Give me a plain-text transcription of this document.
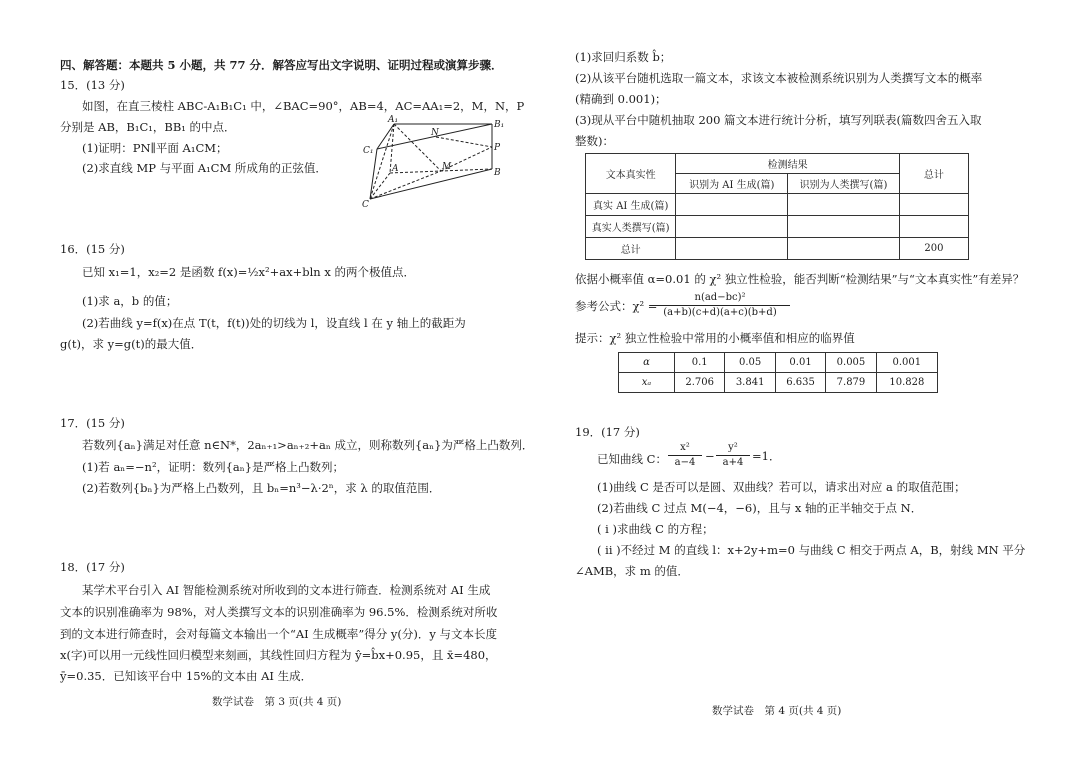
四、解答题：本题共 5 小题，共 77 分．解答应写出文字说明、证明过程或演算步骤．
15．(13 分)
如图，在直三棱柱 ABC-A₁B₁C₁ 中，∠BAC=90°，AB=4，AC=AA₁=2，M，N，P
分别是 AB，B₁C₁，BB₁ 的中点．
(1)证明：PN∥平面 A₁CM；
(2)求直线 MP 与平面 A₁CM 所成角的正弦值．
A₁	B₁
C₁
N
P
A	M
B
C
16．(15 分)
已知 x₁=1，x₂=2 是函数 f(x)=½x²+ax+bln x 的两个极值点．
(1)求 a，b 的值；
(2)若曲线 y=f(x)在点 T(t，f(t))处的切线为 l，设直线 l 在 y 轴上的截距为
g(t)，求 y=g(t)的最大值．
17．(15 分)
若数列{aₙ}满足对任意 n∈N*，2aₙ₊₁>aₙ₊₂+aₙ 成立，则称数列{aₙ}为严格上凸数列．
(1)若 aₙ=−n²，证明：数列{aₙ}是严格上凸数列；
(2)若数列{bₙ}为严格上凸数列，且 bₙ=n³−λ·2ⁿ，求 λ 的取值范围．
18．(17 分)
某学术平台引入 AI 智能检测系统对所收到的文本进行筛查．检测系统对 AI 生成
文本的识别准确率为 98%，对人类撰写文本的识别准确率为 96.5%．检测系统对所收
到的文本进行筛查时，会对每篇文本输出一个“AI 生成概率”得分 y(分)．y 与文本长度
x(字)可以用一元线性回归模型来刻画，其线性回归方程为 ŷ=b̂x+0.95，且 x̄=480，
ȳ=0.35．已知该平台中 15%的文本由 AI 生成．
数学试卷　第 3 页(共 4 页)
(1)求回归系数 b̂；
(2)从该平台随机选取一篇文本，求该文本被检测系统识别为人类撰写文本的概率
(精确到 0.001)；
(3)现从平台中随机抽取 200 篇文本进行统计分析，填写列联表(篇数四舍五入取
整数)：
文本真实性	检测结果		总计
	识别为 AI 生成(篇)	识别为人类撰写(篇)	
真实 AI 生成(篇)			
真实人类撰写(篇)			
总计			200
依据小概率值 α=0.01 的 χ² 独立性检验，能否判断“检测结果”与“文本真实性”有差异？
参考公式：χ² =
n(ad−bc)²
(a+b)(c+d)(a+c)(b+d)
提示：χ² 独立性检验中常用的小概率值和相应的临界值
α	0.1	0.05	0.01	0.005	0.001
xₐ	2.706	3.841	6.635	7.879	10.828
19．(17 分)
已知曲线 C：
x²
a−4 −
y²
a+4 =1．
(1)曲线 C 是否可以是圆、双曲线？若可以，请求出对应 a 的取值范围；
(2)若曲线 C 过点 M(−4，−6)，且与 x 轴的正半轴交于点 N．
( i )求曲线 C 的方程；
( ii )不经过 M 的直线 l：x+2y+m=0 与曲线 C 相交于两点 A，B，射线 MN 平分
∠AMB，求 m 的值．
数学试卷　第 4 页(共 4 页)
